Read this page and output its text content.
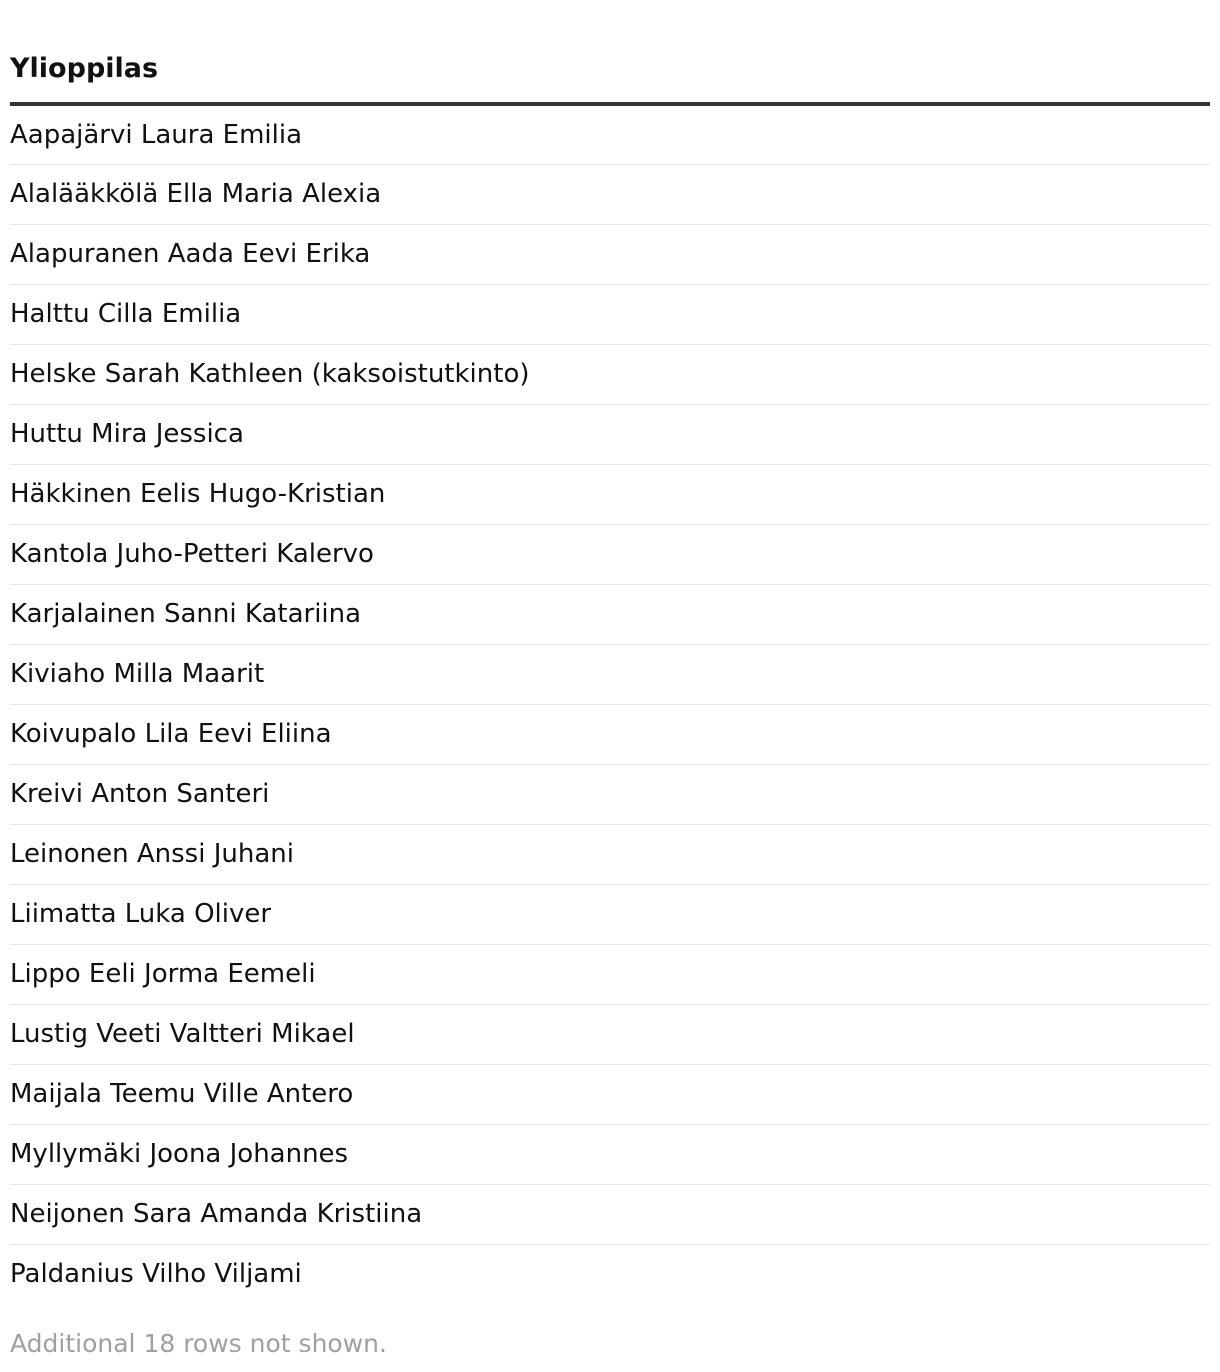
Ylioppilas
Aapajärvi Laura Emilia
Alalääkkölä Ella Maria Alexia
Alapuranen Aada Eevi Erika
Halttu Cilla Emilia
Helske Sarah Kathleen (kaksoistutkinto)
Huttu Mira Jessica
Häkkinen Eelis Hugo-Kristian
Kantola Juho-Petteri Kalervo
Karjalainen Sanni Katariina
Kiviaho Milla Maarit
Koivupalo Lila Eevi Eliina
Kreivi Anton Santeri
Leinonen Anssi Juhani
Liimatta Luka Oliver
Lippo Eeli Jorma Eemeli
Lustig Veeti Valtteri Mikael
Maijala Teemu Ville Antero
Myllymäki Joona Johannes
Neijonen Sara Amanda Kristiina
Paldanius Vilho Viljami
Additional 18 rows not shown.
